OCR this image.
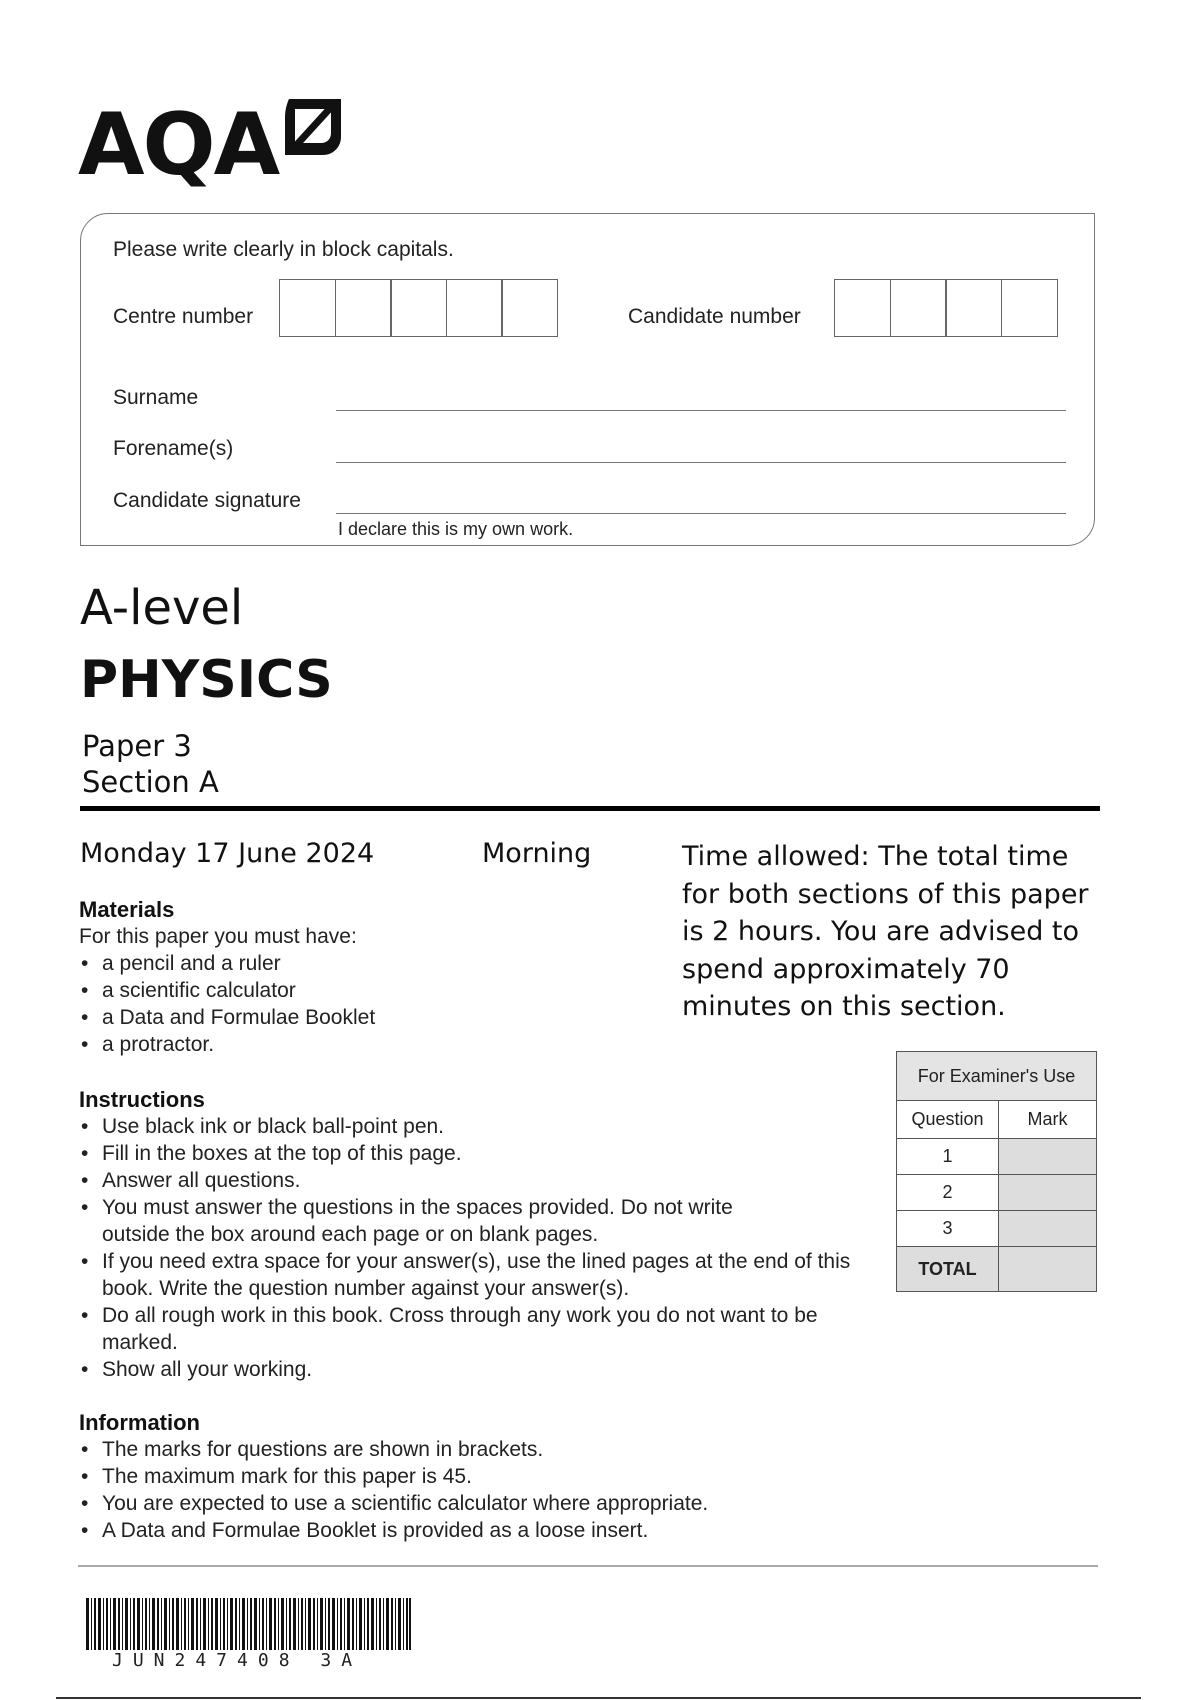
AQA
Please write clearly in block capitals.
Centre number	Candidate number
Surname
Forename(s)
Candidate signature
I declare this is my own work.
A-level
PHYSICS
Paper 3
Section A
Monday 17 June 2024	Morning	Time allowed: The total time for both sections of this paper is 2 hours. You are advised to spend approximately 70 minutes on this section.
Materials
For this paper you must have:
• a pencil and a ruler
• a scientific calculator
• a Data and Formulae Booklet
• a protractor.
Instructions
• Use black ink or black ball-point pen.
• Fill in the boxes at the top of this page.
• Answer all questions.
• You must answer the questions in the spaces provided. Do not write outside the box around each page or on blank pages.
• If you need extra space for your answer(s), use the lined pages at the end of this book. Write the question number against your answer(s).
• Do all rough work in this book. Cross through any work you do not want to be marked.
• Show all your working.
Information
• The marks for questions are shown in brackets.
• The maximum mark for this paper is 45.
• You are expected to use a scientific calculator where appropriate.
• A Data and Formulae Booklet is provided as a loose insert.
For Examiner's Use	
Question	Mark
1	
2	
3	
TOTAL	
JUN247408 3A
